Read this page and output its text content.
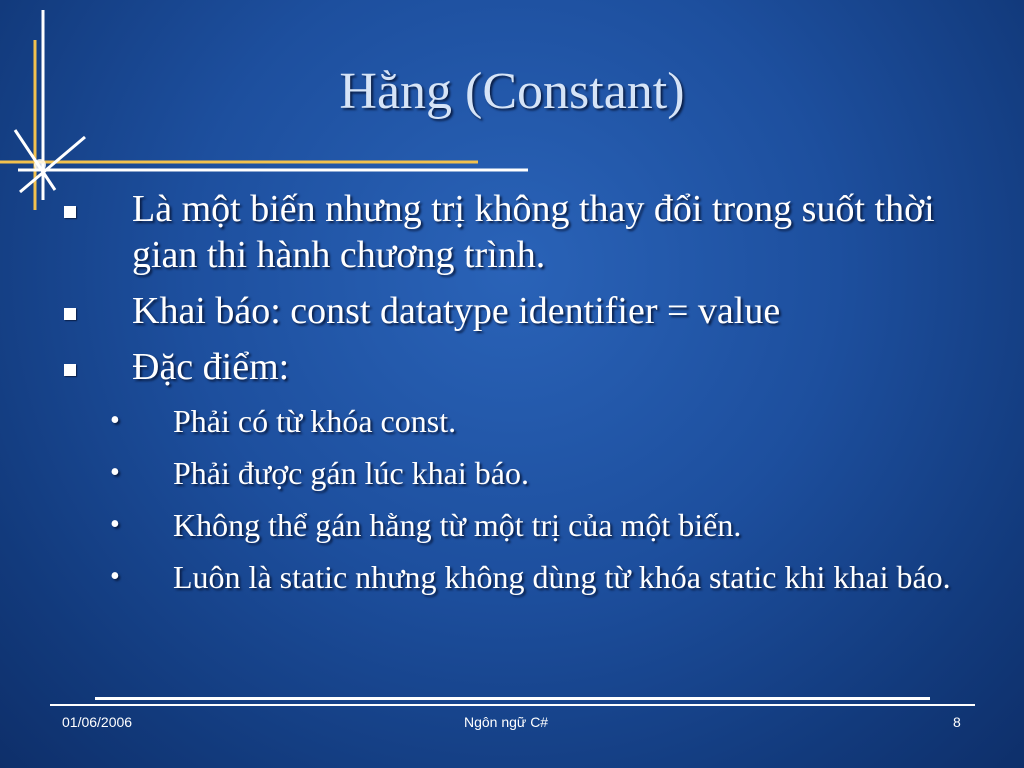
Hằng (Constant)
Là một biến nhưng trị không thay đổi trong suốt thời gian thi hành chương trình.
Khai báo: const datatype identifier = value
Đặc điểm:
• Phải có từ khóa const.
• Phải được gán lúc khai báo.
• Không thể gán hằng từ một trị của một biến.
• Luôn là static nhưng không dùng từ khóa static khi khai báo.
01/06/2006	Ngôn ngữ C#	8
